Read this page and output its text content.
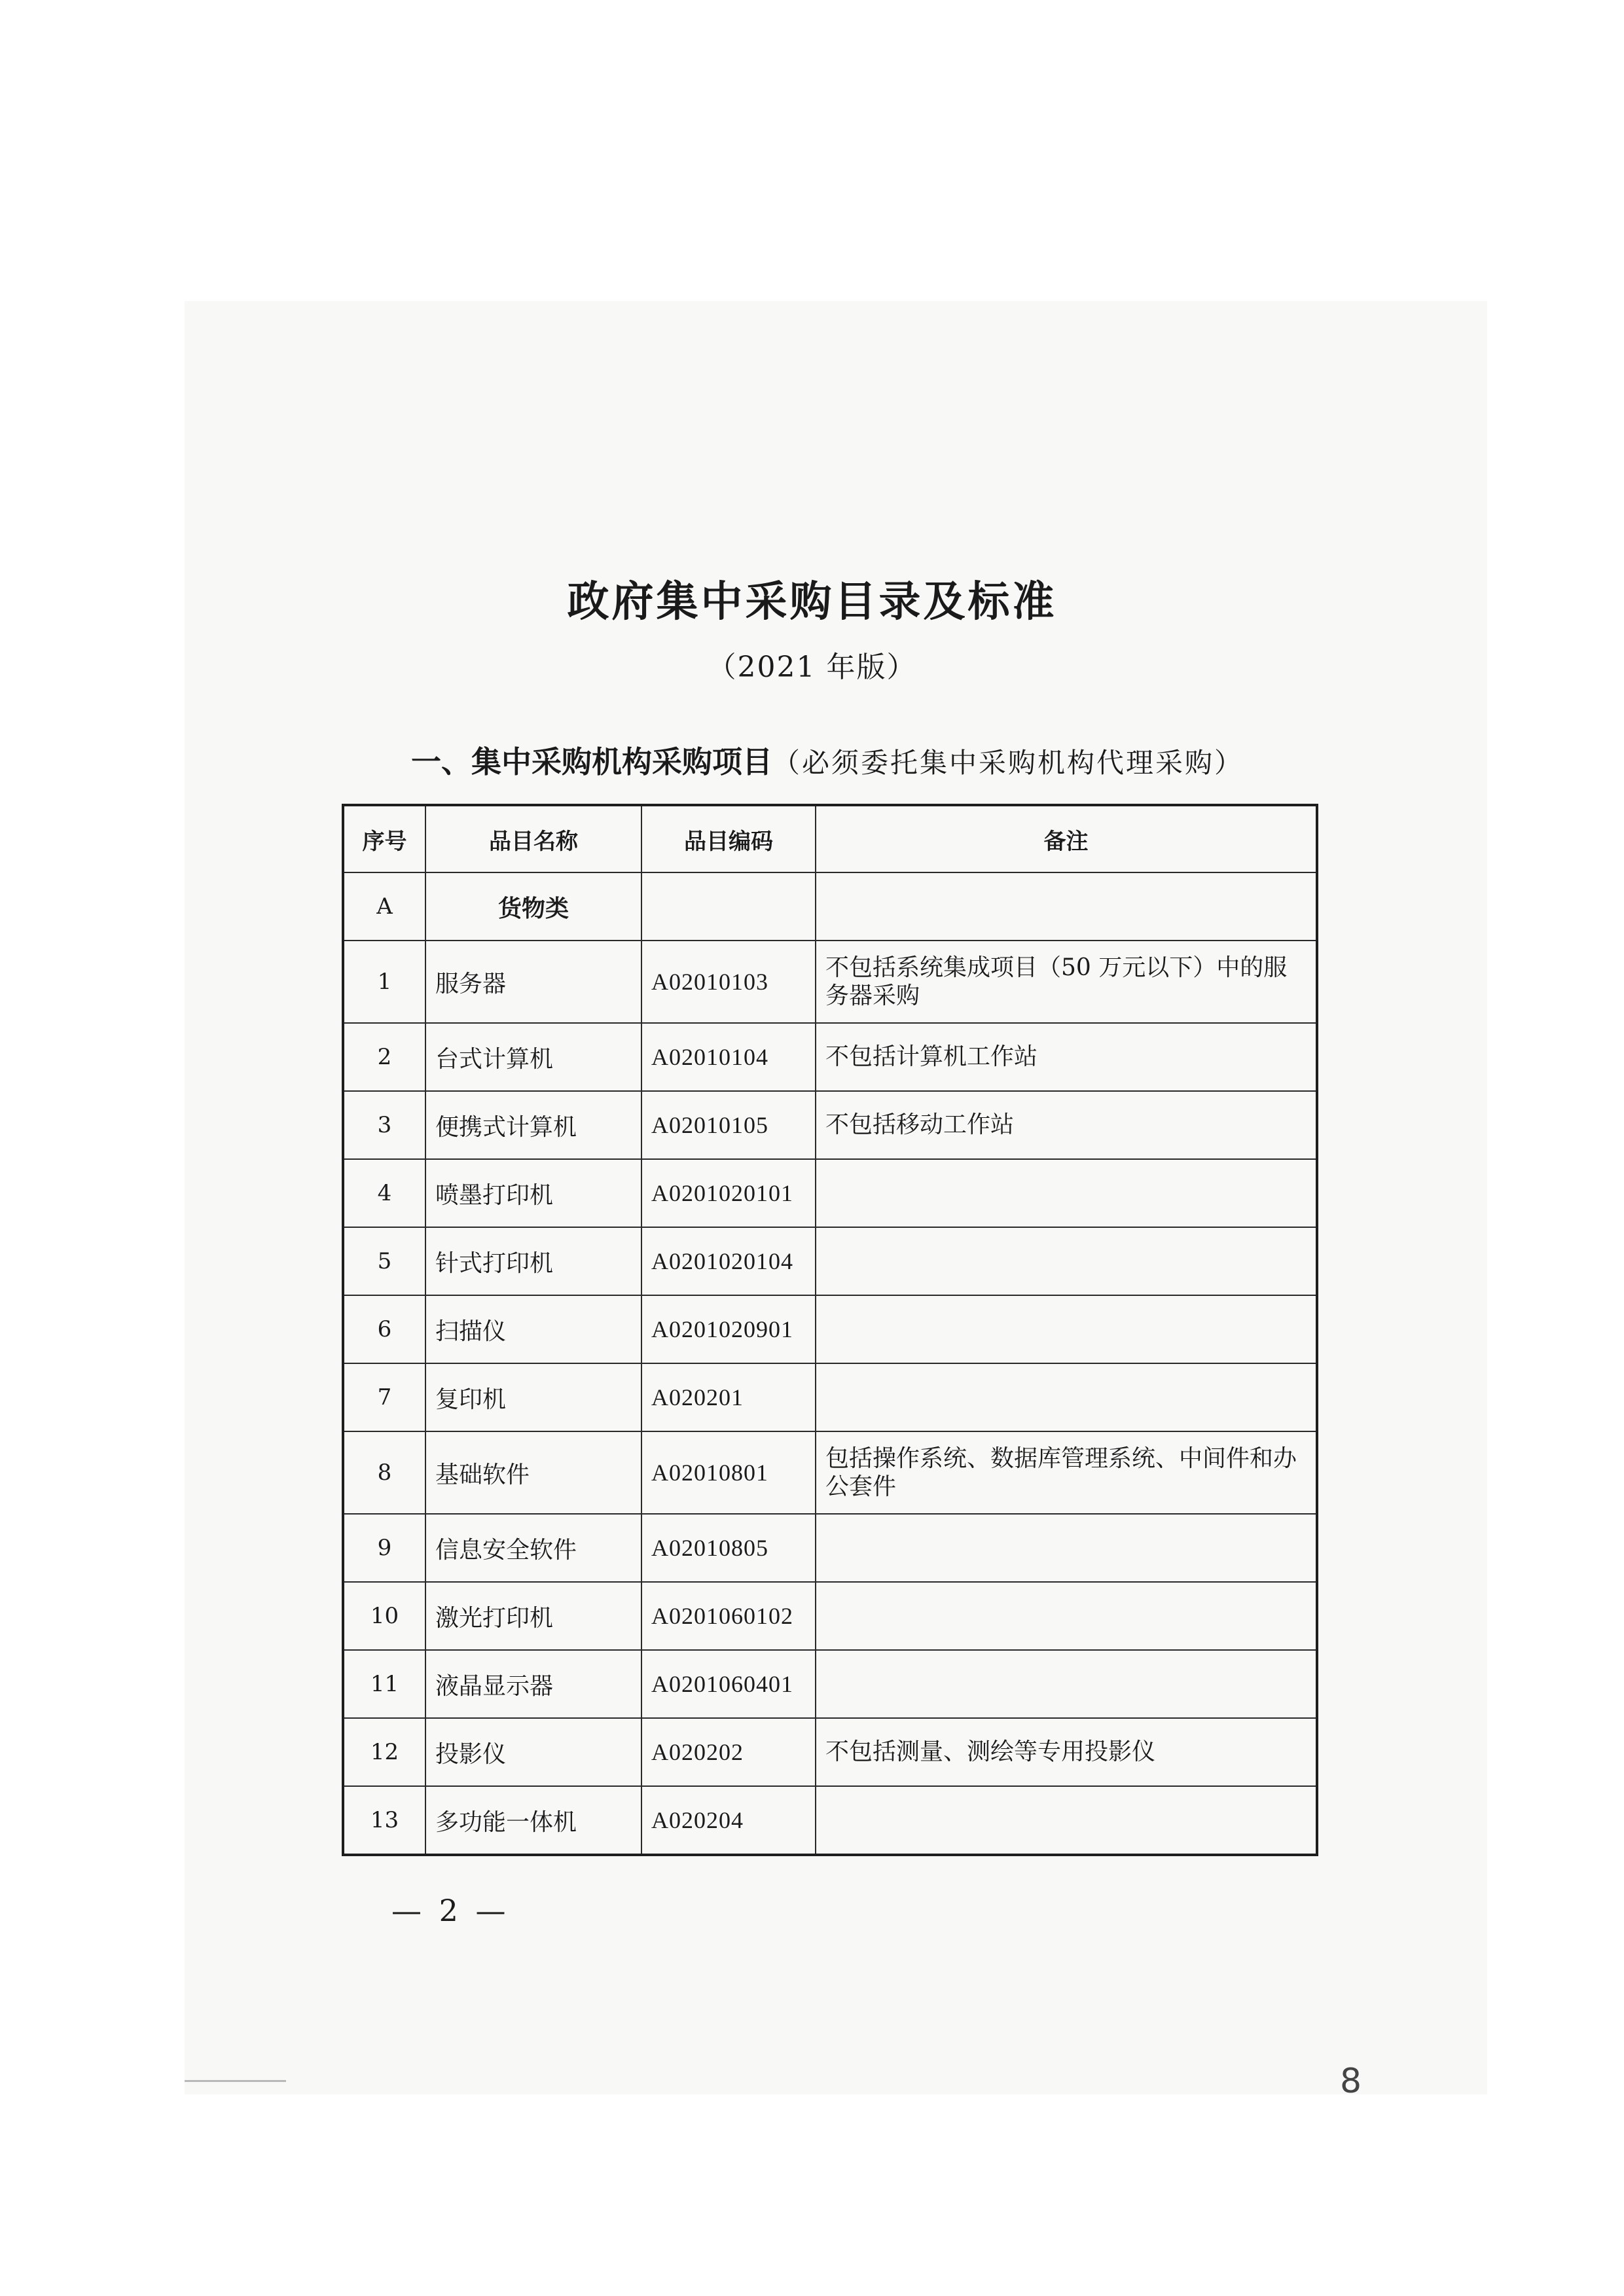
政府集中采购目录及标准
（2021 年版）
一、集中采购机构采购项目（必须委托集中采购机构代理采购）
序号	品目名称	品目编码	备注
A	货物类		
1	服务器	A02010103	不包括系统集成项目（50 万元以下）中的服务器采购
2	台式计算机	A02010104	不包括计算机工作站
3	便携式计算机	A02010105	不包括移动工作站
4	喷墨打印机	A0201020101	
5	针式打印机	A0201020104	
6	扫描仪	A0201020901	
7	复印机	A020201	
8	基础软件	A02010801	包括操作系统、数据库管理系统、中间件和办公套件
9	信息安全软件	A02010805	
10	激光打印机	A0201060102	
11	液晶显示器	A0201060401	
12	投影仪	A020202	不包括测量、测绘等专用投影仪
13	多功能一体机	A020204	
— 2 —
8
